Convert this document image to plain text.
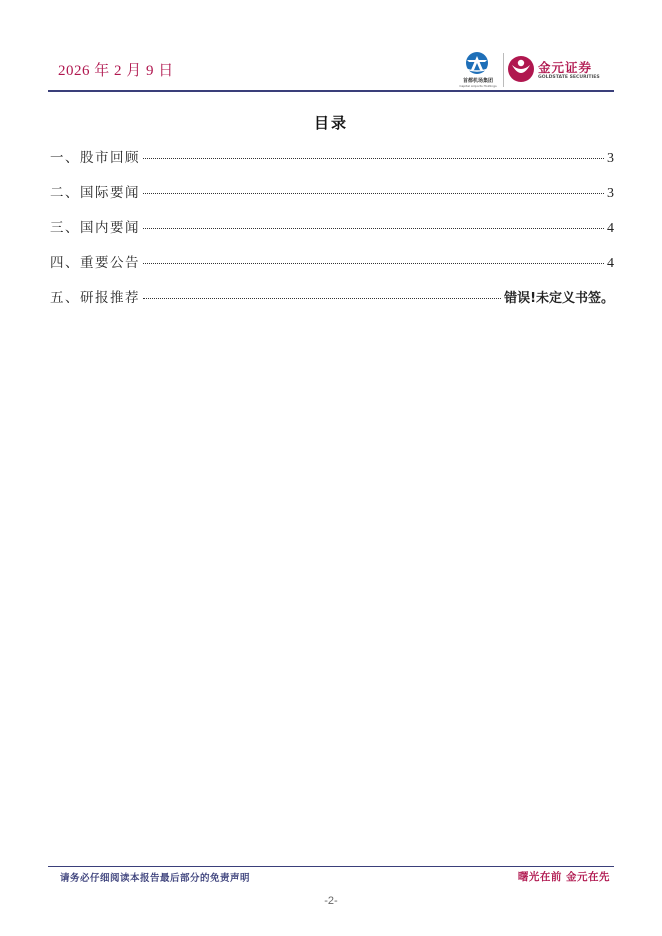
2026 年 2 月 9 日
首都机场集团
Capital Airports Holdings
金元证券
GOLDSTATE SECURITIES
目录
一、股市回顾	3
二、国际要闻	3
三、国内要闻	4
四、重要公告	4
五、研报推荐	错误!未定义书签。
请务必仔细阅读本报告最后部分的免责声明	曙光在前 金元在先
-2-
